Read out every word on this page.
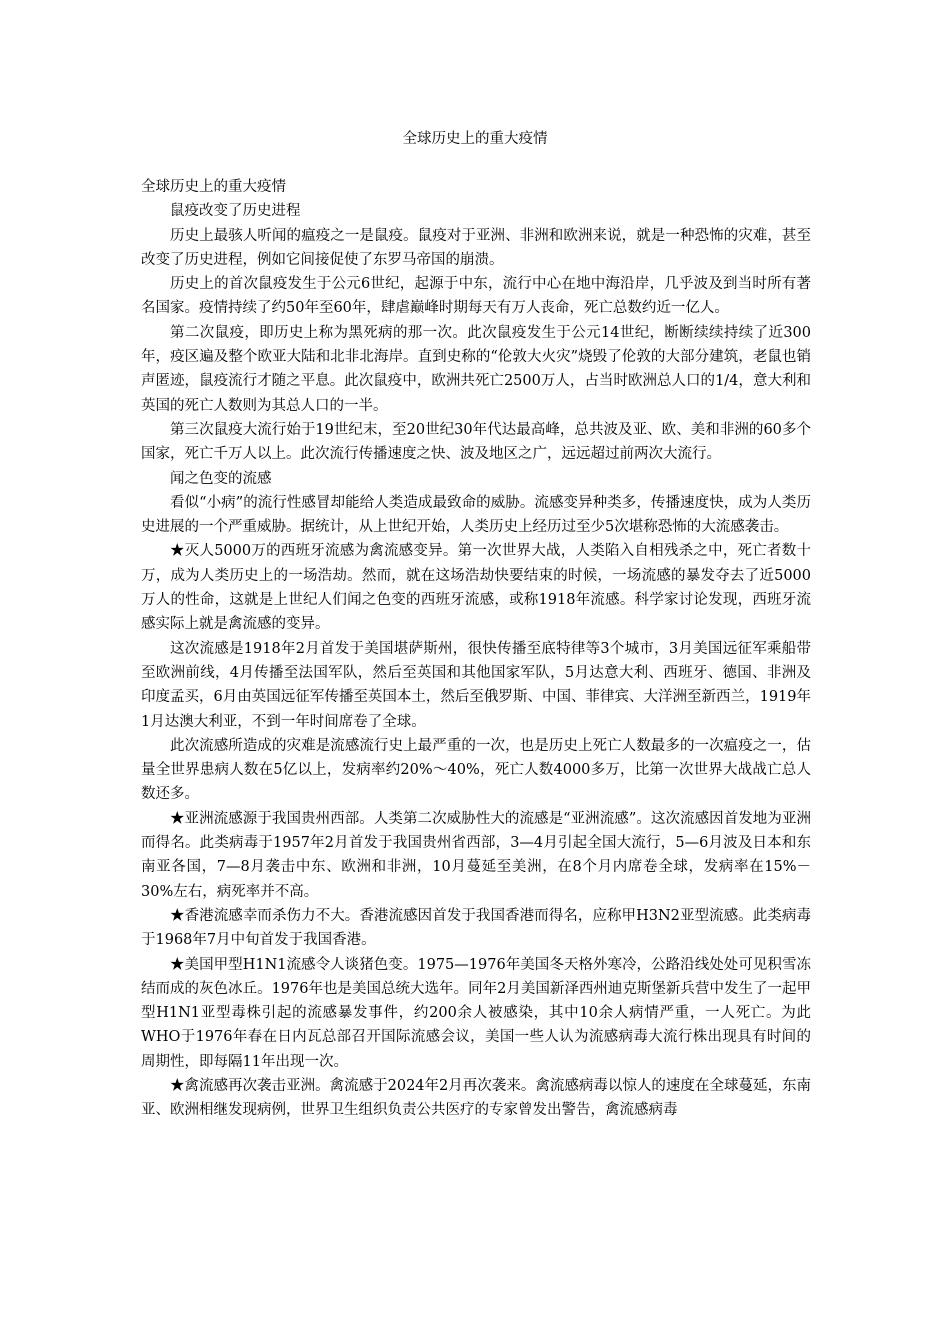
全球历史上的重大疫情

全球历史上的重大疫情

鼠疫改变了历史进程

历史上最骇人听闻的瘟疫之一是鼠疫。鼠疫对于亚洲、非洲和欧洲来说，就是一种恐怖的灾难，甚至改变了历史进程，例如它间接促使了东罗马帝国的崩溃。

历史上的首次鼠疫发生于公元6世纪，起源于中东，流行中心在地中海沿岸，几乎波及到当时所有著名国家。疫情持续了约50年至60年，肆虐巅峰时期每天有万人丧命，死亡总数约近一亿人。

第二次鼠疫，即历史上称为黑死病的那一次。此次鼠疫发生于公元14世纪，断断续续持续了近300年，疫区遍及整个欧亚大陆和北非北海岸。直到史称的“伦敦大火灾”烧毁了伦敦的大部分建筑，老鼠也销声匿迹，鼠疫流行才随之平息。此次鼠疫中，欧洲共死亡2500万人，占当时欧洲总人口的1/4，意大利和英国的死亡人数则为其总人口的一半。

第三次鼠疫大流行始于19世纪末，至20世纪30年代达最高峰，总共波及亚、欧、美和非洲的60多个国家，死亡千万人以上。此次流行传播速度之快、波及地区之广，远远超过前两次大流行。

闻之色变的流感

看似“小病”的流行性感冒却能给人类造成最致命的威胁。流感变异种类多，传播速度快，成为人类历史进展的一个严重威胁。据统计，从上世纪开始，人类历史上经历过至少5次堪称恐怖的大流感袭击。

★灭人5000万的西班牙流感为禽流感变异。第一次世界大战，人类陷入自相残杀之中，死亡者数十万，成为人类历史上的一场浩劫。然而，就在这场浩劫快要结束的时候，一场流感的暴发夺去了近5000万人的性命，这就是上世纪人们闻之色变的西班牙流感，或称1918年流感。科学家讨论发现，西班牙流感实际上就是禽流感的变异。

这次流感是1918年2月首发于美国堪萨斯州，很快传播至底特律等3个城市，3月美国远征军乘船带至欧洲前线，4月传播至法国军队，然后至英国和其他国家军队，5月达意大利、西班牙、德国、非洲及印度孟买，6月由英国远征军传播至英国本土，然后至俄罗斯、中国、菲律宾、大洋洲至新西兰，1919年1月达澳大利亚，不到一年时间席卷了全球。

此次流感所造成的灾难是流感流行史上最严重的一次，也是历史上死亡人数最多的一次瘟疫之一，估量全世界患病人数在5亿以上，发病率约20%～40%，死亡人数4000多万，比第一次世界大战战亡总人数还多。

★亚洲流感源于我国贵州西部。人类第二次威胁性大的流感是“亚洲流感”。这次流感因首发地为亚洲而得名。此类病毒于1957年2月首发于我国贵州省西部，3—4月引起全国大流行，5—6月波及日本和东南亚各国，7—8月袭击中东、欧洲和非洲，10月蔓延至美洲，在8个月内席卷全球，发病率在15%－30%左右，病死率并不高。

★香港流感幸而杀伤力不大。香港流感因首发于我国香港而得名，应称甲H3N2亚型流感。此类病毒于1968年7月中旬首发于我国香港。

★美国甲型H1N1流感令人谈猪色变。1975—1976年美国冬天格外寒冷，公路沿线处处可见积雪冻结而成的灰色冰丘。1976年也是美国总统大选年。同年2月美国新泽西州迪克斯堡新兵营中发生了一起甲型H1N1亚型毒株引起的流感暴发事件，约200余人被感染，其中10余人病情严重，一人死亡。为此WHO于1976年春在日内瓦总部召开国际流感会议，美国一些人认为流感病毒大流行株出现具有时间的周期性，即每隔11年出现一次。

★禽流感再次袭击亚洲。禽流感于2024年2月再次袭来。禽流感病毒以惊人的速度在全球蔓延，东南亚、欧洲相继发现病例，世界卫生组织负责公共医疗的专家曾发出警告，禽流感病毒
